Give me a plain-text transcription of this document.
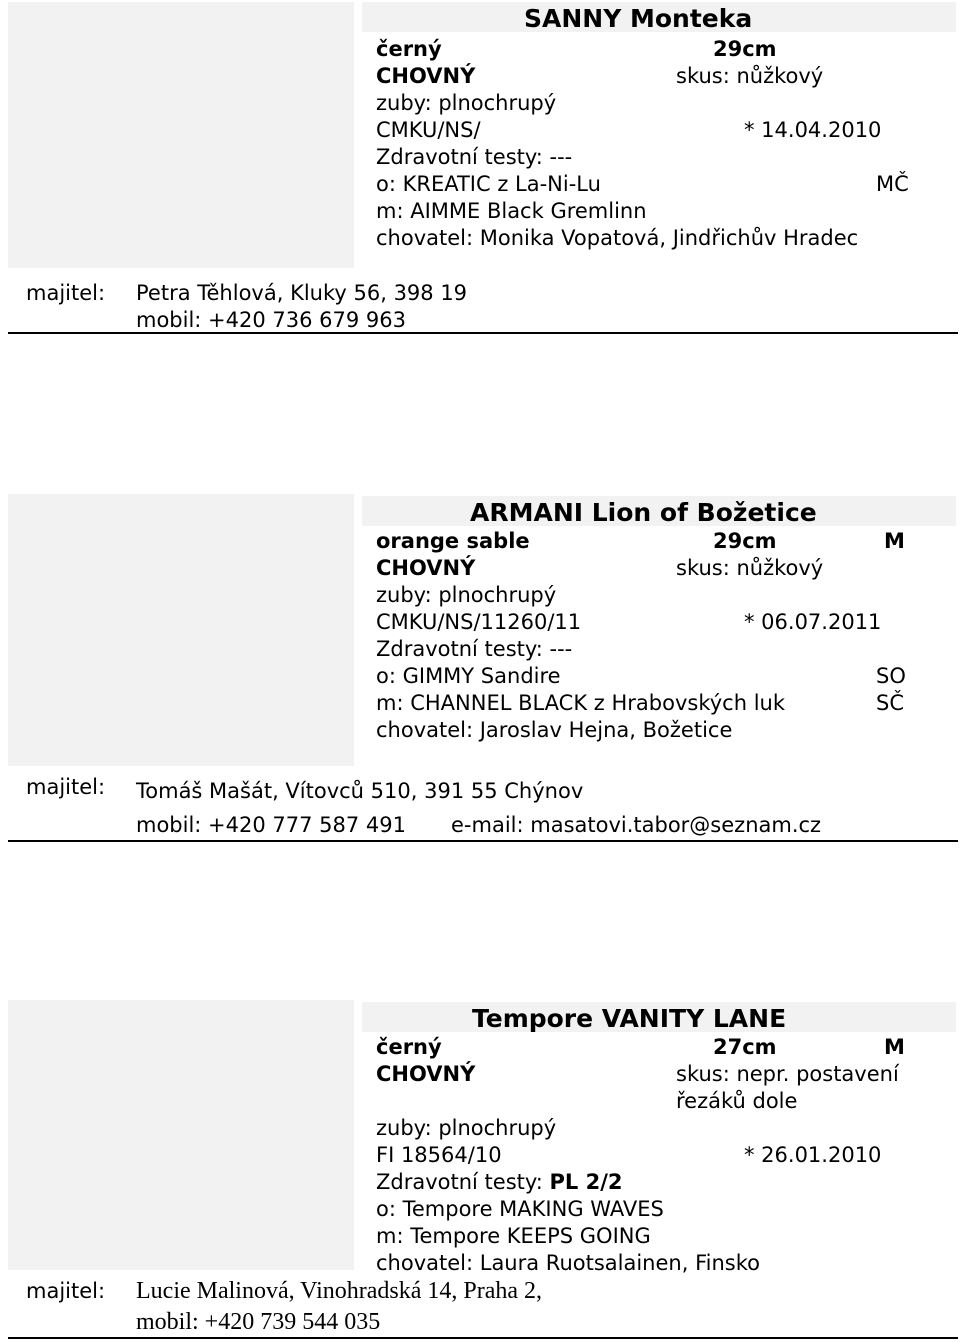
SANNY Monteka
černý	29cm
CHOVNÝ	skus: nůžkový
zuby: plnochrupý
CMKU/NS/	* 14.04.2010
Zdravotní testy: ---
o: KREATIC z La-Ni-Lu	MČ
m: AIMME Black Gremlinn
chovatel: Monika Vopatová, Jindřichův Hradec
majitel: Petra Těhlová, Kluky 56, 398 19
mobil: +420 736 679 963
ARMANI Lion of Božetice
orange sable	29cm	M
CHOVNÝ	skus: nůžkový
zuby: plnochrupý
CMKU/NS/11260/11	* 06.07.2011
Zdravotní testy: ---
o: GIMMY Sandire	SO
m: CHANNEL BLACK z Hrabovských luk	SČ
chovatel: Jaroslav Hejna, Božetice
majitel: Tomáš Mašát, Vítovců 510, 391 55 Chýnov
mobil: +420 777 587 491 e-mail: masatovi.tabor@seznam.cz
Tempore VANITY LANE
černý	27cm	M
CHOVNÝ	skus: nepr. postavení
řezáků dole
zuby: plnochrupý
FI 18564/10	* 26.01.2010
Zdravotní testy: PL 2/2
o: Tempore MAKING WAVES
m: Tempore KEEPS GOING
chovatel: Laura Ruotsalainen, Finsko
majitel: Lucie Malinová, Vinohradská 14, Praha 2,
mobil: +420 739 544 035
